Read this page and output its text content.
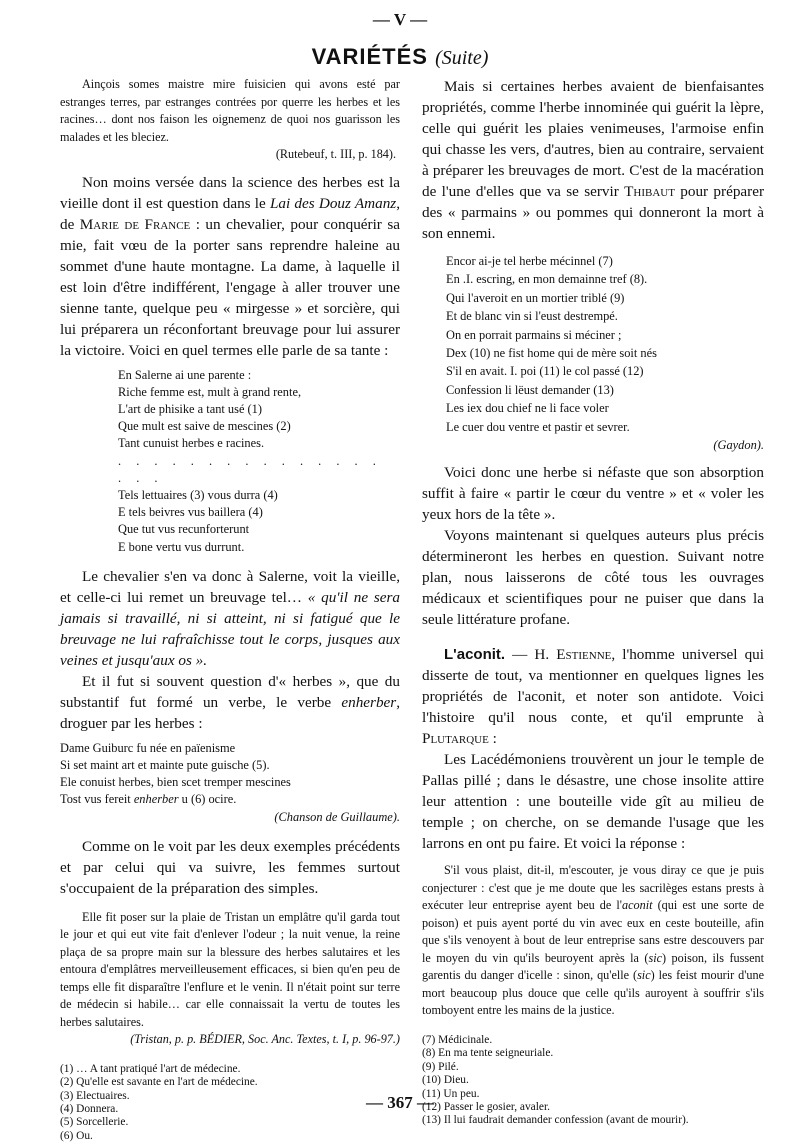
— V —
VARIÉTÉS (Suite)

Ainçois somes maistre mire fuisicien qui avons esté par estranges terres, par estranges contrées por querre les herbes et les racines… dont nos faison les oignemenz de quoi nos guarisson les malades et les bleciez.

(Rutebeuf, t. III, p. 184).

Non moins versée dans la science des herbes est la vieille dont il est question dans le Lai des Douz Amanz, de Marie de France : un chevalier, pour conquérir sa mie, fait vœu de la porter sans reprendre haleine au sommet d'une haute montagne. La dame, à laquelle il est loin d'être indifférent, l'engage à aller trouver une sienne tante, quelque peu « mirgesse » et sorcière, qui lui préparera un réconfortant breuvage pour lui assurer la victoire. Voici en quel termes elle parle de sa tante :

En Salerne ai une parente :
Riche femme est, mult à grand rente,
L'art de phisike a tant usé (1)
Que mult est saive de mescines (2)
Tant cunuist herbes e racines.
. . . . . . . . . . . . . . . . . .
Tels lettuaires (3) vous durra (4)
E tels beivres vus baillera (4)
Que tut vus recunforterunt
E bone vertu vus durrunt.

Le chevalier s'en va donc à Salerne, voit la vieille, et celle-ci lui remet un breuvage tel… « qu'il ne sera jamais si travaillé, ni si atteint, ni si fatigué que le breuvage ne lui rafraîchisse tout le corps, jusques aux veines et jusqu'aux os ».

Et il fut si souvent question d'« herbes », que du substantif fut formé un verbe, le verbe enherber, droguer par les herbes :

Dame Guiburc fu née en païenisme
Si set maint art et mainte pute guische (5).
Ele conuist herbes, bien scet tremper mescines
Tost vus fereit enherber u (6) ocire.
(Chanson de Guillaume).

Comme on le voit par les deux exemples précédents et par celui qui va suivre, les femmes surtout s'occupaient de la préparation des simples.

Elle fit poser sur la plaie de Tristan un emplâtre qu'il garda tout le jour et qui eut vite fait d'enlever l'odeur ; la nuit venue, la reine plaça de sa propre main sur la blessure des herbes salutaires et les entoura d'emplâtres merveilleusement efficaces, si bien qu'en peu de temps elle fit disparaître l'enflure et le venin. Il n'était point sur terre de médecin si habile… car elle connaissait la vertu de toutes les herbes salutaires.

(Tristan, p. p. BÉDIER, Soc. Anc. Textes, t. I, p. 96-97.)

(1) … A tant pratiqué l'art de médecine.
(2) Qu'elle est savante en l'art de médecine.
(3) Electuaires.
(4) Donnera.
(5) Sorcellerie.
(6) Ou.

Mais si certaines herbes avaient de bienfaisantes propriétés, comme l'herbe innominée qui guérit la lèpre, celle qui guérit les plaies venimeuses, l'armoise enfin qui chasse les vers, d'autres, bien au contraire, servaient à préparer les breuvages de mort. C'est de la macération de l'une d'elles que va se servir Thibaut pour préparer des « parmains » ou pommes qui donneront la mort à son ennemi.

Encor ai-je tel herbe mécinnel (7)
En .I. escring, en mon demainne tref (8).
Qui l'averoit en un mortier triblé (9)
Et de blanc vin si l'eust destrempé.
On en porrait parmains si méciner ;
Dex (10) ne fist home qui de mère soit nés
S'il en avait. I. poi (11) le col passé (12)
Confession li lëust demander (13)
Les iex dou chief ne li face voler
Le cuer dou ventre et pastir et sevrer.
(Gaydon).

Voici donc une herbe si néfaste que son absorption suffit à faire « partir le cœur du ventre » et « voler les yeux hors de la tête ».

Voyons maintenant si quelques auteurs plus précis détermineront les herbes en question. Suivant notre plan, nous laisserons de côté tous les ouvrages médicaux et scientifiques pour ne puiser que dans la seule littérature profane.

L'aconit. — H. Estienne, l'homme universel qui disserte de tout, va mentionner en quelques lignes les propriétés de l'aconit, et noter son antidote. Voici l'histoire qu'il nous conte, et qu'il emprunte à Plutarque :

Les Lacédémoniens trouvèrent un jour le temple de Pallas pillé ; dans le désastre, une chose insolite attire leur attention : une bouteille vide gît au milieu de temple ; on cherche, on se demande l'usage que les larrons en ont pu faire. Et voici la réponse :

S'il vous plaist, dit-il, m'escouter, je vous diray ce que je puis conjecturer : c'est que je me doute que les sacrilèges estans prests à exécuter leur entreprise ayent beu de l'aconit (qui est une sorte de poison) et puis ayent porté du vin avec eux en ceste bouteille, afin que s'ils venoyent à bout de leur entreprise sans estre descouvers par le moyen du vin qu'ils beuroyent après la (sic) poison, ils fussent garentis du danger d'icelle : sinon, qu'elle (sic) les feist mourir d'une mort beaucoup plus douce que celle qu'ils auroyent à souffrir s'ils tomboyent entre les mains de la justice.

(7) Médicinale.
(8) En ma tente seigneuriale.
(9) Pilé.
(10) Dieu.
(11) Un peu.
(12) Passer le gosier, avaler.
(13) Il lui faudrait demander confession (avant de mourir).
— 367 —
